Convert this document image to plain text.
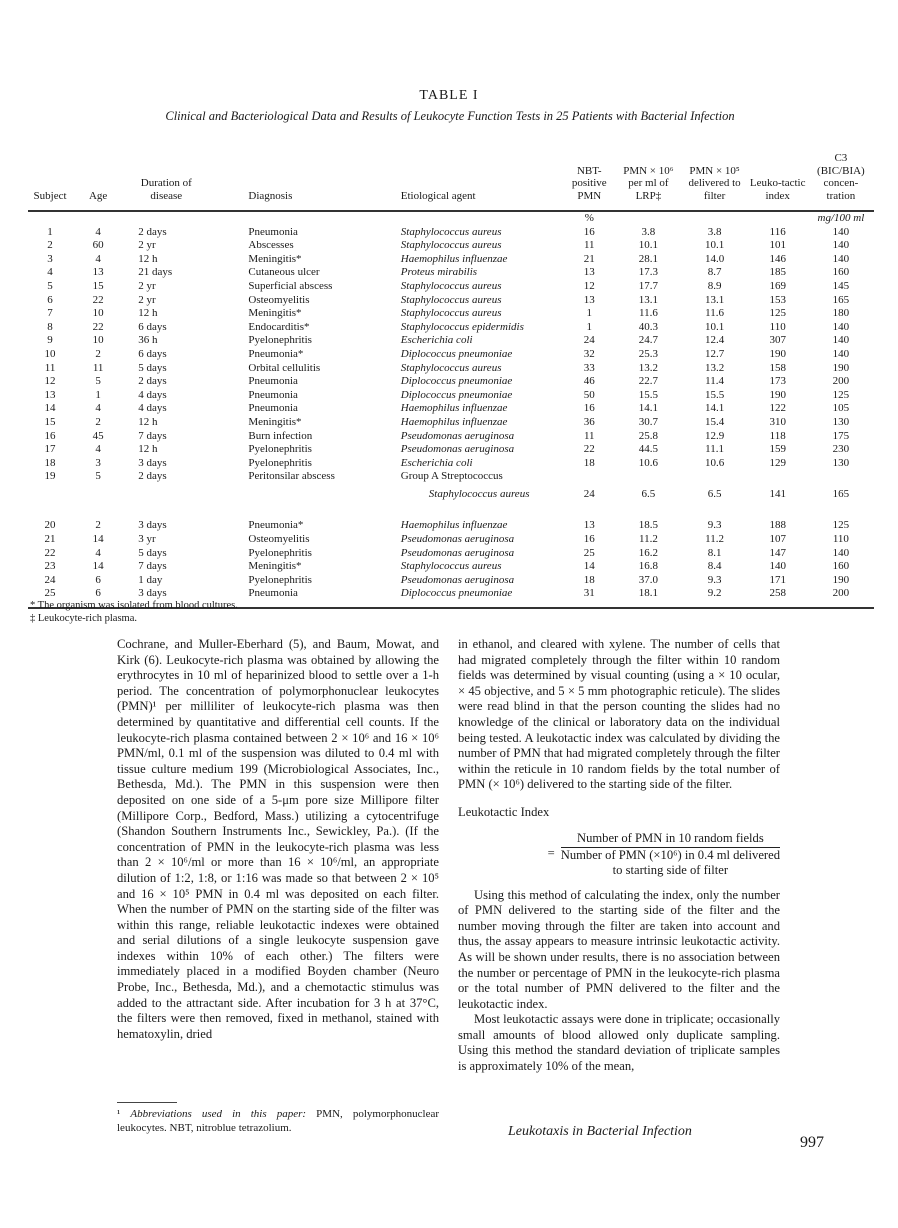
TABLE I
Clinical and Bacteriological Data and Results of Leukocyte Function Tests in 25 Patients with Bacterial Infection
Subject	Age	Duration of disease	Diagnosis	Etiological agent	NBT-positive PMN	PMN × 10⁶ per ml of LRP‡	PMN × 10⁵ delivered to filter	Leuko-tactic index	C3 (BIC/BIA) concen-tration
					%				mg/100 ml
1	4	2 days	Pneumonia	Staphylococcus aureus	16	3.8	3.8	116	140
2	60	2 yr	Abscesses	Staphylococcus aureus	11	10.1	10.1	101	140
3	4	12 h	Meningitis*	Haemophilus influenzae	21	28.1	14.0	146	140
4	13	21 days	Cutaneous ulcer	Proteus mirabilis	13	17.3	8.7	185	160
5	15	2 yr	Superficial abscess	Staphylococcus aureus	12	17.7	8.9	169	145
6	22	2 yr	Osteomyelitis	Staphylococcus aureus	13	13.1	13.1	153	165
7	10	12 h	Meningitis*	Staphylococcus aureus	1	11.6	11.6	125	180
8	22	6 days	Endocarditis*	Staphylococcus epidermidis	1	40.3	10.1	110	140
9	10	36 h	Pyelonephritis	Escherichia coli	24	24.7	12.4	307	140
10	2	6 days	Pneumonia*	Diplococcus pneumoniae	32	25.3	12.7	190	140
11	11	5 days	Orbital cellulitis	Staphylococcus aureus	33	13.2	13.2	158	190
12	5	2 days	Pneumonia	Diplococcus pneumoniae	46	22.7	11.4	173	200
13	1	4 days	Pneumonia	Diplococcus pneumoniae	50	15.5	15.5	190	125
14	4	4 days	Pneumonia	Haemophilus influenzae	16	14.1	14.1	122	105
15	2	12 h	Meningitis*	Haemophilus influenzae	36	30.7	15.4	310	130
16	45	7 days	Burn infection	Pseudomonas aeruginosa	11	25.8	12.9	118	175
17	4	12 h	Pyelonephritis	Pseudomonas aeruginosa	22	44.5	11.1	159	230
18	3	3 days	Pyelonephritis	Escherichia coli	18	10.6	10.6	129	130
19	5	2 days	Peritonsilar abscess	Group A Streptococcus					
				Staphylococcus aureus	24	6.5	6.5	141	165

20	2	3 days	Pneumonia*	Haemophilus influenzae	13	18.5	9.3	188	125
21	14	3 yr	Osteomyelitis	Pseudomonas aeruginosa	16	11.2	11.2	107	110
22	4	5 days	Pyelonephritis	Pseudomonas aeruginosa	25	16.2	8.1	147	140
23	14	7 days	Meningitis*	Staphylococcus aureus	14	16.8	8.4	140	160
24	6	1 day	Pyelonephritis	Pseudomonas aeruginosa	18	37.0	9.3	171	190
25	6	3 days	Pneumonia	Diplococcus pneumoniae	31	18.1	9.2	258	200
* The organism was isolated from blood cultures.
‡ Leukocyte-rich plasma.

Cochrane, and Muller-Eberhard (5), and Baum, Mowat, and Kirk (6). Leukocyte-rich plasma was obtained by allowing the erythrocytes in 10 ml of heparinized blood to settle over a 1-h period. The concentration of polymorphonuclear leukocytes (PMN)¹ per milliliter of leukocyte-rich plasma was then determined by quantitative and differential cell counts. If the leukocyte-rich plasma contained between 2 × 10⁶ and 16 × 10⁶ PMN/ml, 0.1 ml of the suspension was diluted to 0.4 ml with tissue culture medium 199 (Microbiological Associates, Inc., Bethesda, Md.). The PMN in this suspension were then deposited on one side of a 5-μm pore size Millipore filter (Millipore Corp., Bedford, Mass.) utilizing a cytocentrifuge (Shandon Southern Instruments Inc., Sewickley, Pa.). (If the concentration of PMN in the leukocyte-rich plasma was less than 2 × 10⁶/ml or more than 16 × 10⁶/ml, an appropriate dilution of 1:2, 1:8, or 1:16 was made so that between 2 × 10⁵ and 16 × 10⁵ PMN in 0.4 ml was deposited on each filter. When the number of PMN on the starting side of the filter was within this range, reliable leukotactic indexes were obtained and serial dilutions of a single leukocyte suspension gave indexes within 10% of each other.) The filters were immediately placed in a modified Boyden chamber (Neuro Probe, Inc., Bethesda, Md.), and a chemotactic stimulus was added to the attractant side. After incubation for 3 h at 37°C, the filters were then removed, fixed in methanol, stained with hematoxylin, dried

in ethanol, and cleared with xylene. The number of cells that had migrated completely through the filter within 10 random fields was determined by visual counting (using a × 10 ocular, × 45 objective, and 5 × 5 mm photographic reticule). The slides were read blind in that the person counting the slides had no knowledge of the clinical or laboratory data on the individual being tested. A leukotactic index was calculated by dividing the number of PMN that had migrated completely through the filter within the reticule in 10 random fields by the total number of PMN (× 10⁶) delivered to the starting side of the filter.

Leukotactic Index
=
Number of PMN in 10 random fields
Number of PMN (×10⁶) in 0.4 ml delivered
to starting side of filter

Using this method of calculating the index, only the number of PMN delivered to the starting side of the filter and the number moving through the filter are taken into account and thus, the assay appears to measure intrinsic leukotactic activity. As will be shown under results, there is no association between the number or percentage of PMN in the leukocyte-rich plasma or the total number of PMN delivered to the filter and the leukotactic index.

Most leukotactic assays were done in triplicate; occasionally small amounts of blood allowed only duplicate sampling. Using this method the standard deviation of triplicate samples is approximately 10% of the mean,

¹ Abbreviations used in this paper: PMN, polymorphonuclear leukocytes. NBT, nitroblue tetrazolium.	Leukotaxis in Bacterial Infection
997
